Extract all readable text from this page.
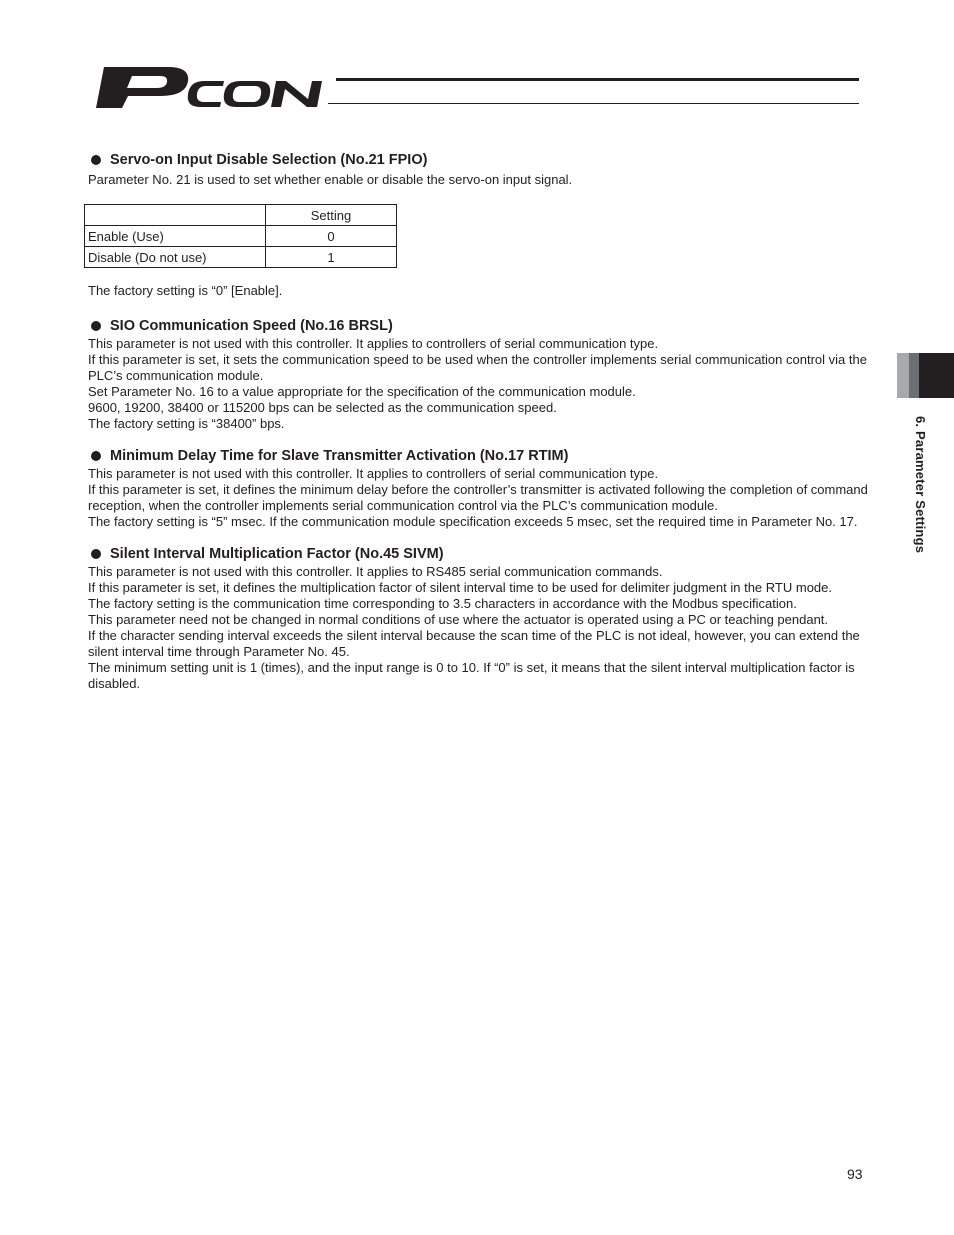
6. Parameter Settings
Servo-on Input Disable Selection (No.21 FPIO)

Parameter No. 21 is used to set whether enable or disable the servo-on input signal.

	Setting
Enable (Use)	0
Disable (Do not use)	1

The factory setting is “0” [Enable].

SIO Communication Speed (No.16 BRSL)

This parameter is not used with this controller. It applies to controllers of serial communication type.

If this parameter is set, it sets the communication speed to be used when the controller implements serial communication control via the PLC’s communication module.

Set Parameter No. 16 to a value appropriate for the specification of the communication module.

9600, 19200, 38400 or 115200 bps can be selected as the communication speed.

The factory setting is “38400” bps.

Minimum Delay Time for Slave Transmitter Activation (No.17 RTIM)

This parameter is not used with this controller. It applies to controllers of serial communication type.

If this parameter is set, it defines the minimum delay before the controller’s transmitter is activated following the completion of command reception, when the controller implements serial communication control via the PLC’s communication module.

The factory setting is “5” msec. If the communication module specification exceeds 5 msec, set the required time in Parameter No. 17.

Silent Interval Multiplication Factor (No.45 SIVM)

This parameter is not used with this controller. It applies to RS485 serial communication commands.

If this parameter is set, it defines the multiplication factor of silent interval time to be used for delimiter judgment in the RTU mode.

The factory setting is the communication time corresponding to 3.5 characters in accordance with the Modbus specification.

This parameter need not be changed in normal conditions of use where the actuator is operated using a PC or teaching pendant.

If the character sending interval exceeds the silent interval because the scan time of the PLC is not ideal, however, you can extend the silent interval time through Parameter No. 45.

The minimum setting unit is 1 (times), and the input range is 0 to 10. If “0” is set, it means that the silent interval multiplication factor is disabled.

93
